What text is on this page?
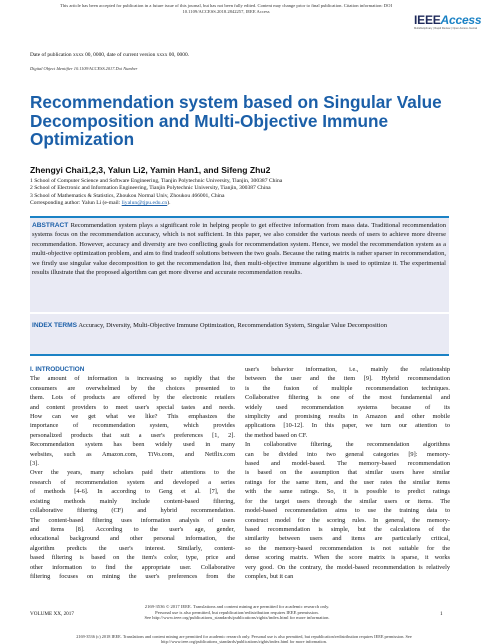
This article has been accepted for publication in a future issue of this journal, but has not been fully edited. Content may change prior to final publication. Citation information: DOI
10.1109/ACCESS.2018.2842257, IEEE Access
IEEEAccess
Multidisciplinary | Rapid Review | Open Access Journal
Date of publication xxxx 00, 0000, date of current version xxxx 00, 0000.
Digital Object Identifier 10.1109/ACCESS.2017.Doi Number
Recommendation system based on Singular Value Decomposition and Multi-Objective Immune Optimization
Zhengyi Chai1,2,3, Yalun Li2, Yamin Han1, and Sifeng Zhu2
1 School of Computer Science and Software Engineering, Tianjin Polytechnic University, Tianjin, 300387 China
2 School of Electronic and Information Engineering, Tianjin Polytechnic University, Tianjin, 300387 China
3 School of Mathematics & Statistics, Zhoukou Normal Univ, Zhoukou 466001, China
Corresponding author: Yalun Li (e-mail: liyalun@tjpu.edu.cn).
ABSTRACT Recommendation system plays a significant role in helping people to get effective information from mass data. Traditional recommendation systems focus on the recommendation accuracy, which is not sufficient. In this paper, we also consider the various needs of users to achieve more diverse recommendation. However, accuracy and diversity are two conflicting goals for recommendation system. Hence, we model the recommendation system as a multi-objective optimization problem, and aim to find tradeoff solutions between the two goals. Because the rating matrix is rather sparser in recommendation, we firstly use singular value decomposition to get the recommendation list, then multi-objective immune algorithm is used to optimize it. The experimental results illustrate that the proposed algorithm can get more diverse and accurate recommendation results.
INDEX TERMS Accuracy, Diversity, Multi-Objective Immune Optimization, Recommendation System, Singular Value Decomposition
I. INTRODUCTION

The amount of information is increasing so rapidly that the

consumers are overwhelmed by the choices presented to

them. Lots of products are offered by the electronic retailers

and content providers to meet user's special tastes and needs.

How can we get what we like? This emphasizes the

importance of recommendation system, which provides

personalized products that suit a user's preferences [1, 2].

Recommendation system has been widely used in many

websites, such as Amazon.com, TiVo.com, and Netflix.com

[3].

Over the years, many scholars paid their attentions to the

research of recommendation system and developed a series

of methods [4-6]. In according to Geng et al. [7], the

existing methods mainly include content-based filtering,

collaborative filtering (CF) and hybrid recommendation.

The content-based filtering uses information analysis of users

and items [8]. According to the user's age, gender,

educational background and other personal information, the

algorithm predicts the user's interest. Similarly, content-

based filtering is based on the item's color, type, price and

other information to find the appropriate user. Collaborative

filtering focuses on mining the user's preferences from the

user's behavior information, i.e., mainly the relationship

between the user and the item [9]. Hybrid recommendation

is the fusion of multiple recommendation techniques.

Collaborative filtering is one of the most fundamental and

widely used recommendation systems because of its

simplicity and promising results in Amazon and other mobile

applications [10-12]. In this paper, we turn our attention to

the method based on CF.

In collaborative filtering, the recommendation algorithms

can be divided into two general categories [9]: memory-

based and model-based. The memory-based recommendation

is based on the assumption that similar users have similar

ratings for the same item, and the user rates the similar items

with the same ratings. So, it is possible to predict ratings

for the target users through the similar users or items. The

model-based recommendation aims to use the training data to

construct model for the scoring rules. In general, the memory-

based recommendation is simple, but the calculations of the

similarity between users and items are particularly critical,

so the memory-based recommendation is not suitable for the

dense scoring matrix. When the score matrix is sparse, it works

very good. On the contrary, the model-based recommendation is relatively complex, but it can

2169-3536 © 2017 IEEE. Translations and content mining are permitted for academic research only.
Personal use is also permitted, but republication/redistribution requires IEEE permission.
See http://www.ieee.org/publications_standards/publications/rights/index.html for more information.
VOLUME XX, 2017	1
2169-3536 (c) 2018 IEEE. Translations and content mining are permitted for academic research only. Personal use is also permitted, but republication/redistribution requires IEEE permission. See http://www.ieee.org/publications_standards/publications/rights/index.html for more information.
